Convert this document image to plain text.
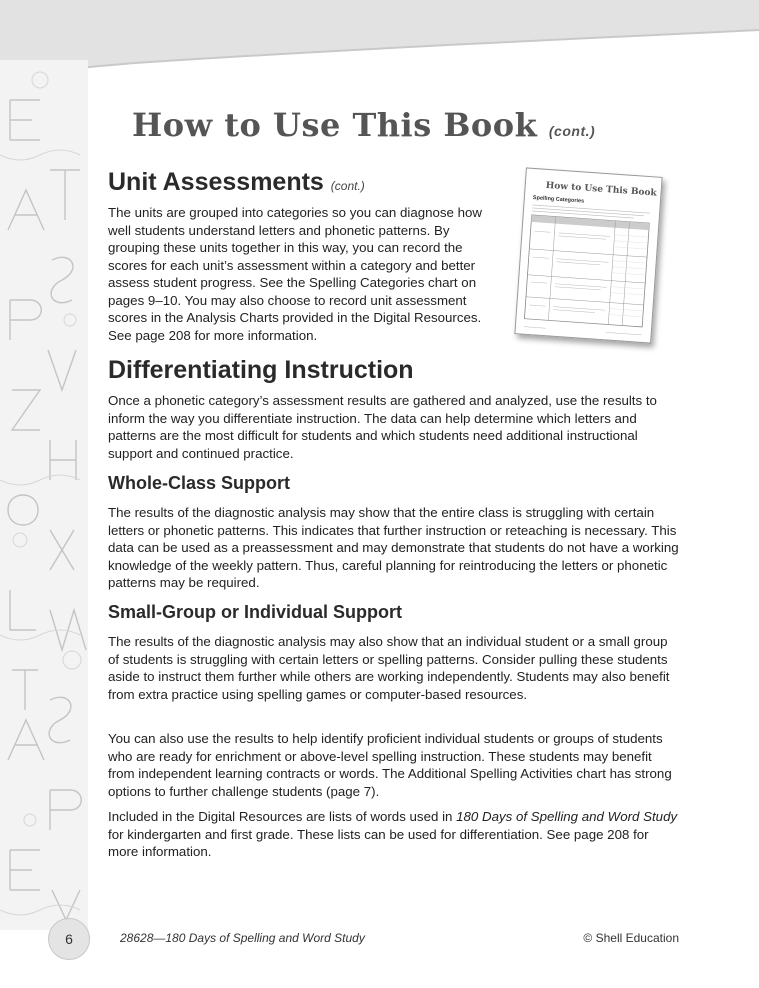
How to Use This Book (cont.)
Unit Assessments (cont.)

The units are grouped into categories so you can diagnose how well students understand letters and phonetic patterns. By grouping these units together in this way, you can record the scores for each unit’s assessment within a category and better assess student progress. See the Spelling Categories chart on pages 9–10. You may also choose to record unit assessment scores in the Analysis Charts provided in the Digital Resources. See page 208 for more information.

How to Use This Book
Spelling Categories
Differentiating Instruction

Once a phonetic category’s assessment results are gathered and analyzed, use the results to inform the way you differentiate instruction. The data can help determine which letters and patterns are the most difficult for students and which students need additional instructional support and continued practice.

Whole-Class Support

The results of the diagnostic analysis may show that the entire class is struggling with certain letters or phonetic patterns. This indicates that further instruction or reteaching is necessary. This data can be used as a preassessment and may demonstrate that students do not have a working knowledge of the weekly pattern. Thus, careful planning for reintroducing the letters or phonetic patterns may be required.

Small-Group or Individual Support

The results of the diagnostic analysis may also show that an individual student or a small group of students is struggling with certain letters or spelling patterns. Consider pulling these students aside to instruct them further while others are working independently. Students may also benefit from extra practice using spelling games or computer-based resources.

You can also use the results to help identify proficient individual students or groups of students who are ready for enrichment or above-level spelling instruction. These students may benefit from independent learning contracts or words. The Additional Spelling Activities chart has strong options to further challenge students (page 7).

Included in the Digital Resources are lists of words used in 180 Days of Spelling and Word Study for kindergarten and first grade. These lists can be used for differentiation. See page 208 for more information.

6	28628—180 Days of Spelling and Word Study	© Shell Education
